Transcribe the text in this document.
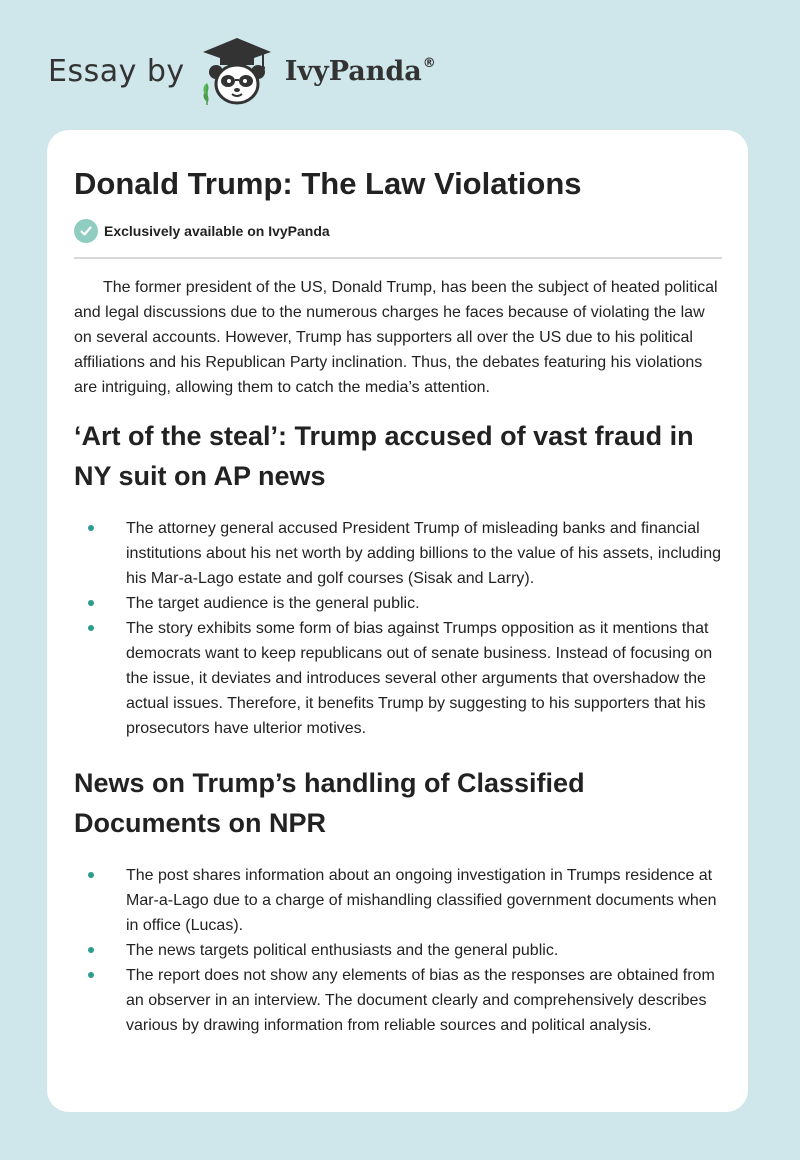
Essay by	IvyPanda®
Donald Trump: The Law Violations
Exclusively available on IvyPanda

The former president of the US, Donald Trump, has been the subject of heated political and legal discussions due to the numerous charges he faces because of violating the law on several accounts. However, Trump has supporters all over the US due to his political affiliations and his Republican Party inclination. Thus, the debates featuring his violations are intriguing, allowing them to catch the media’s attention.

‘Art of the steal’: Trump accused of vast fraud in NY suit on AP news
The attorney general accused President Trump of misleading banks and financial institutions about his net worth by adding billions to the value of his assets, including his Mar-a-Lago estate and golf courses (Sisak and Larry).
The target audience is the general public.
The story exhibits some form of bias against Trumps opposition as it mentions that democrats want to keep republicans out of senate business. Instead of focusing on the issue, it deviates and introduces several other arguments that overshadow the actual issues. Therefore, it benefits Trump by suggesting to his supporters that his prosecutors have ulterior motives.
News on Trump’s handling of Classified Documents on NPR
The post shares information about an ongoing investigation in Trumps residence at Mar-a-Lago due to a charge of mishandling classified government documents when in office (Lucas).
The news targets political enthusiasts and the general public.
The report does not show any elements of bias as the responses are obtained from an observer in an interview. The document clearly and comprehensively describes various by drawing information from reliable sources and political analysis.
